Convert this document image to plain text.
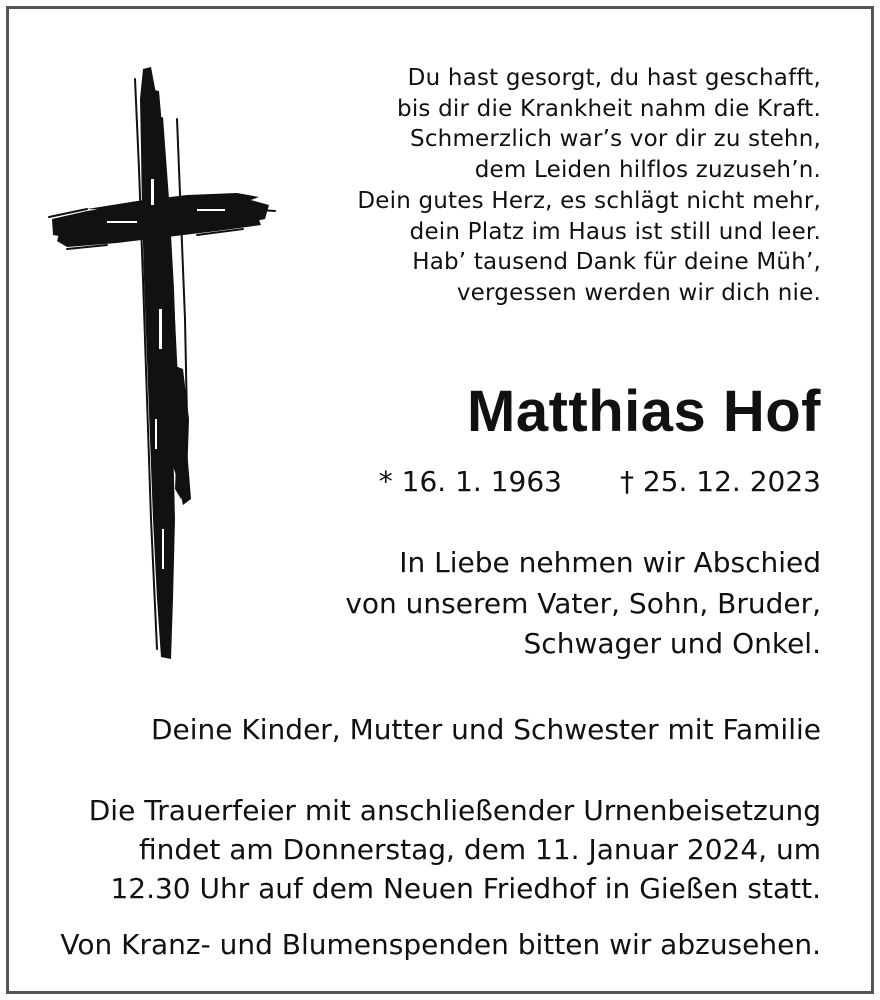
Du hast gesorgt, du hast geschafft,
bis dir die Krankheit nahm die Kraft.
Schmerzlich war’s vor dir zu stehn,
dem Leiden hilflos zuzuseh’n.
Dein gutes Herz, es schlägt nicht mehr,
dein Platz im Haus ist still und leer.
Hab’ tausend Dank für deine Müh’,
vergessen werden wir dich nie.
Matthias Hof
* 16. 1. 1963 † 25. 12. 2023
In Liebe nehmen wir Abschied
von unserem Vater, Sohn, Bruder,
Schwager und Onkel.
Deine Kinder, Mutter und Schwester mit Familie
Die Trauerfeier mit anschließender Urnenbeisetzung
findet am Donnerstag, dem 11. Januar 2024, um
12.30 Uhr auf dem Neuen Friedhof in Gießen statt.
Von Kranz- und Blumenspenden bitten wir abzusehen.
